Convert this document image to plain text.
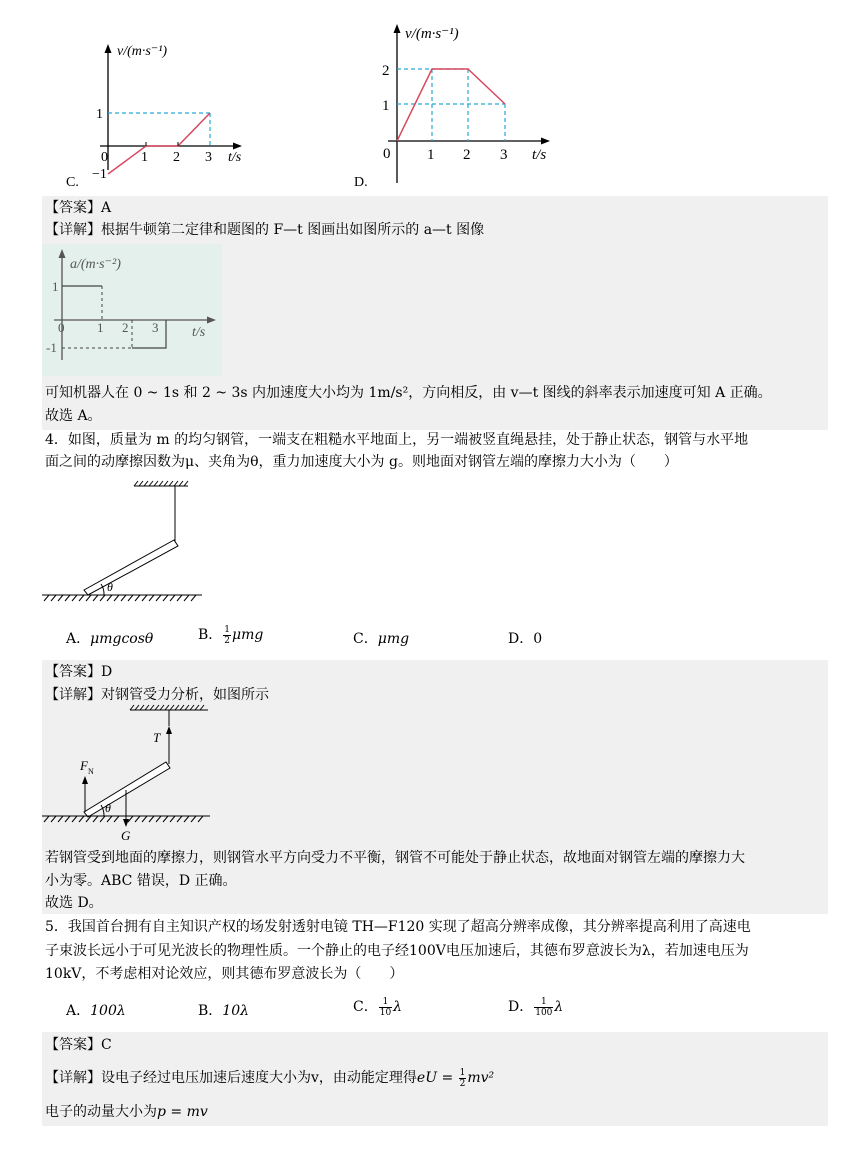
v/(m·s⁻¹)
1
0 1 2 3 t/s
−1
C.
v/(m·s⁻¹)
2
1
0 1 2 3 t/s
D.
【答案】A
【详解】根据牛顿第二定律和题图的 F—t 图画出如图所示的 a—t 图像
a/(m·s⁻²)
1
0	1 2 3 t/s
-1
可知机器人在 0 ~ 1s 和 2 ~ 3s 内加速度大小均为 1m/s²，方向相反，由 v—t 图线的斜率表示加速度可知 A 正确。
故选 A。
4．如图，质量为 m 的均匀钢管，一端支在粗糙水平地面上，另一端被竖直绳悬挂，处于静止状态，钢管与水平地
面之间的动摩擦因数为μ、夹角为θ，重力加速度大小为 g。则地面对钢管左端的摩擦力大小为（　　）
θ
A．μmgcosθ	B． $\frac{1}{2}$ μmg	C．μmg	D．0
【答案】D
【详解】对钢管受力分析，如图所示
θ
T
F N
G
若钢管受到地面的摩擦力，则钢管水平方向受力不平衡，钢管不可能处于静止状态，故地面对钢管左端的摩擦力大
小为零。ABC 错误，D 正确。
故选 D。
5．我国首台拥有自主知识产权的场发射透射电镜 TH—F120 实现了超高分辨率成像，其分辨率提高利用了高速电
子束波长远小于可见光波长的物理性质。一个静止的电子经100V电压加速后，其德布罗意波长为λ，若加速电压为
10kV，不考虑相对论效应，则其德布罗意波长为（　　）
A．100λ	B．10λ	C． $\frac{1}{10}$ λ	D． $\frac{1}{100}$ λ
【答案】C
【详解】设电子经过电压加速后速度大小为v，由动能定理得eU = $\frac{1}{2} mv^2$
电子的动量大小为p = mv
